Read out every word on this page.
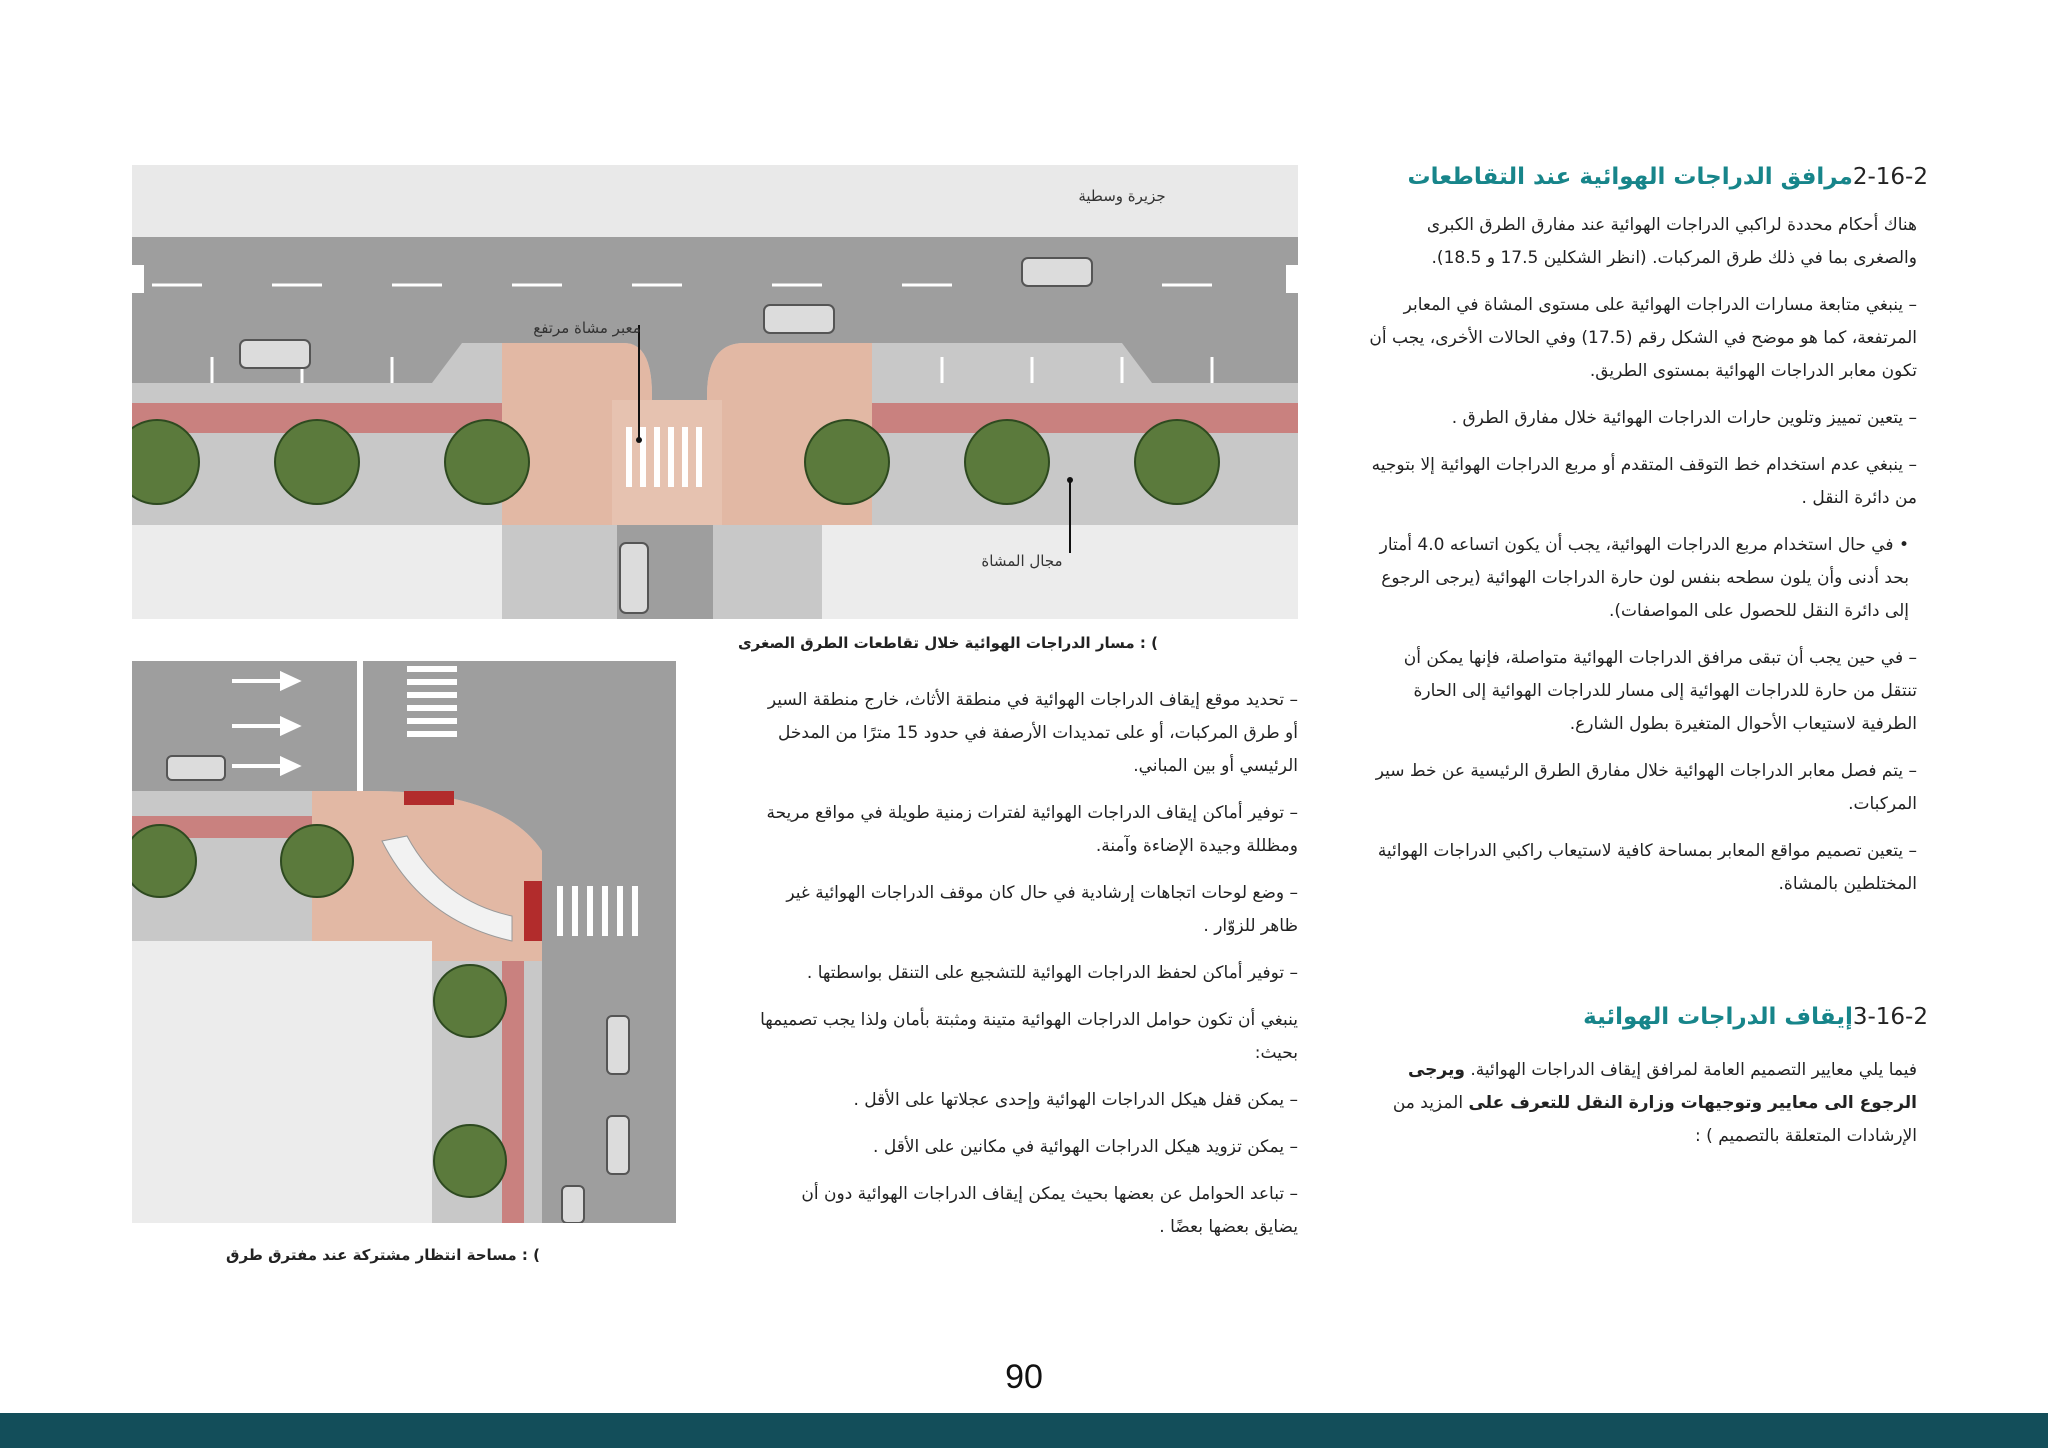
2-16-2مرافق الدراجات الهوائية عند التقاطعات

هناك أحكام محددة لراكبي الدراجات الهوائية عند مفارق الطرق الكبرى والصغرى بما في ذلك طرق المركبات. (انظر الشكلين 17.5 و 18.5).

– ينبغي متابعة مسارات الدراجات الهوائية على مستوى المشاة في المعابر المرتفعة، كما هو موضح في الشكل رقم (17.5) وفي الحالات الأخرى، يجب أن تكون معابر الدراجات الهوائية بمستوى الطريق.

– يتعين تمييز وتلوين حارات الدراجات الهوائية خلال مفارق الطرق .

– ينبغي عدم استخدام خط التوقف المتقدم أو مربع الدراجات الهوائية إلا بتوجيه من دائرة النقل .

• في حال استخدام مربع الدراجات الهوائية، يجب أن يكون اتساعه 4.0 أمتار بحد أدنى وأن يلون سطحه بنفس لون حارة الدراجات الهوائية (يرجى الرجوع إلى دائرة النقل للحصول على المواصفات).

– في حين يجب أن تبقى مرافق الدراجات الهوائية متواصلة، فإنها يمكن أن تنتقل من حارة للدراجات الهوائية إلى مسار للدراجات الهوائية إلى الحارة الطرفية لاستيعاب الأحوال المتغيرة بطول الشارع.

– يتم فصل معابر الدراجات الهوائية خلال مفارق الطرق الرئيسية عن خط سير المركبات.

– يتعين تصميم مواقع المعابر بمساحة كافية لاستيعاب راكبي الدراجات الهوائية المختلطين بالمشاة.

3-16-2إيقاف الدراجات الهوائية

فيما يلي معايير التصميم العامة لمرافق إيقاف الدراجات الهوائية. ويرجى الرجوع الى معايير وتوجيهات وزارة النقل للتعرف على المزيد من الإرشادات المتعلقة بالتصميم ) :

– تحديد موقع إيقاف الدراجات الهوائية في منطقة الأثاث، خارج منطقة السير أو طرق المركبات، أو على تمديدات الأرصفة في حدود 15 مترًا من المدخل الرئيسي أو بين المباني.

– توفير أماكن إيقاف الدراجات الهوائية لفترات زمنية طويلة في مواقع مريحة ومظللة وجيدة الإضاءة وآمنة.

– وضع لوحات اتجاهات إرشادية في حال كان موقف الدراجات الهوائية غير ظاهر للزوّار .

– توفير أماكن لحفظ الدراجات الهوائية للتشجيع على التنقل بواسطتها .

ينبغي أن تكون حوامل الدراجات الهوائية متينة ومثبتة بأمان ولذا يجب تصميمها بحيث:

– يمكن قفل هيكل الدراجات الهوائية وإحدى عجلاتها على الأقل .

– يمكن تزويد هيكل الدراجات الهوائية في مكانين على الأقل .

– تباعد الحوامل عن بعضها بحيث يمكن إيقاف الدراجات الهوائية دون أن يضايق بعضها بعضًا .

جزيرة وسطية
معبر مشاة مرتفع
مجال المشاة
) : مسار الدراجات الهوائية خلال تقاطعات الطرق الصغرى
) : مساحة انتظار مشتركة عند مفترق طرق
90
